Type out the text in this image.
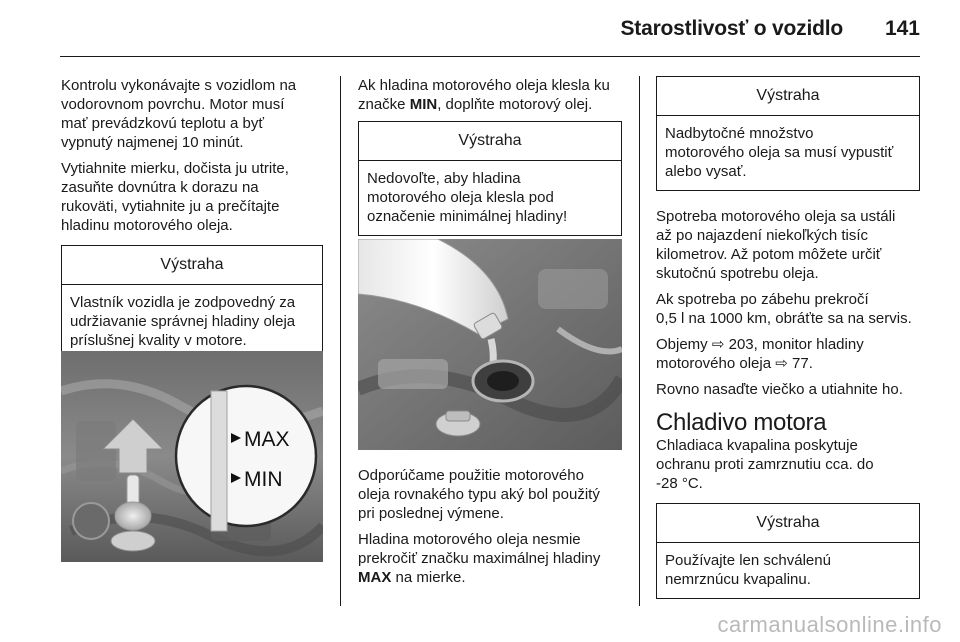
Starostlivosť o vozidlo 141

Kontrolu vykonávajte s vozidlom na
vodorovnom povrchu. Motor musí
mať prevádzkovú teplotu a byť
vypnutý najmenej 10 minút.

Vytiahnite mierku, dočista ju utrite,
zasuňte dovnútra k dorazu na
rukoväti, vytiahnite ju a prečítajte
hladinu motorového oleja.

Výstraha
Vlastník vozidla je zodpovedný za
udržiavanie správnej hladiny oleja
príslušnej kvality v motore.
MAX
MIN

Ak hladina motorového oleja klesla ku
značke MIN, doplňte motorový olej.

Výstraha
Nedovoľte, aby hladina
motorového oleja klesla pod
označenie minimálnej hladiny!

Odporúčame použitie motorového
oleja rovnakého typu aký bol použitý
pri poslednej výmene.

Hladina motorového oleja nesmie
prekročiť značku maximálnej hladiny
MAX na mierke.

Výstraha
Nadbytočné množstvo
motorového oleja sa musí vypustiť
alebo vysať.

Spotreba motorového oleja sa ustáli
až po najazdení niekoľkých tisíc
kilometrov. Až potom môžete určiť
skutočnú spotrebu oleja.

Ak spotreba po zábehu prekročí
0,5 l na 1000 km, obráťte sa na servis.

Objemy ⇨ 203, monitor hladiny
motorového oleja ⇨ 77.

Rovno nasaďte viečko a utiahnite ho.

Chladivo motora

Chladiaca kvapalina poskytuje
ochranu proti zamrznutiu cca. do
-28 °C.

Výstraha
Používajte len schválenú
nemrznúcu kvapalinu.
carmanualsonline.info
